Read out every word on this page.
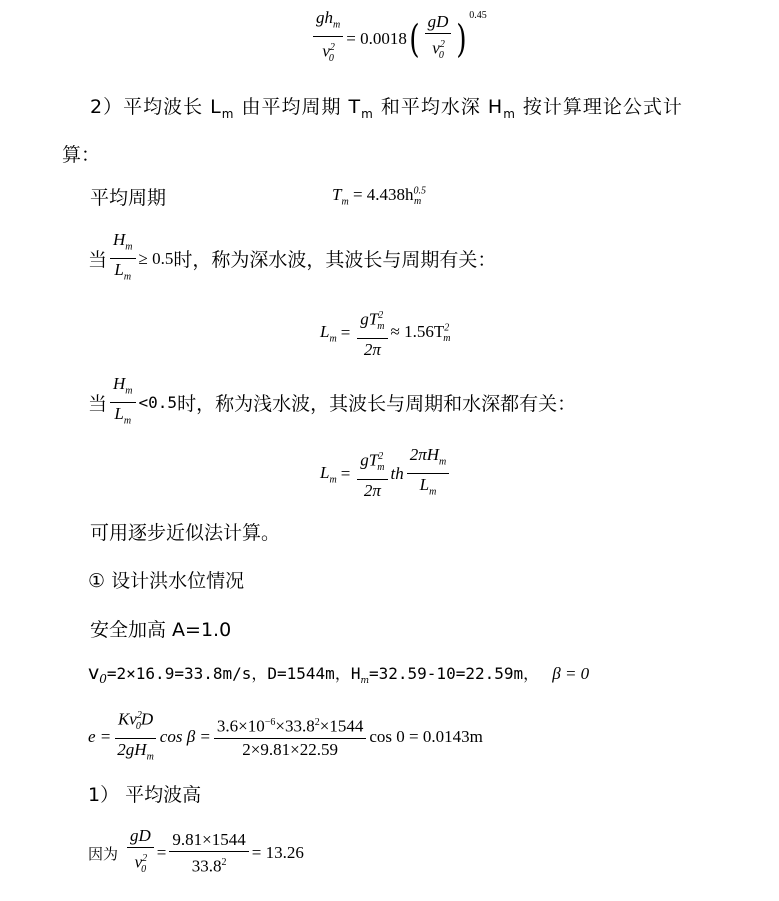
$\frac{gh_m}{v^2_0} = 0.0018$ ( $\frac{gD}{v^2_0}$ )
$^{0.45}$
2）平均波长 $L_m$ 由平均周期 $T_m$ 和平均水深 $H_m$ 按计算理论公式计
算：
平均周期	$T_m = 4.438h^{0.5}_m$
当 $\frac{H_m}{L_m} \ge 0.5$ 时，称为深水波，其波长与周期有关：
$L_m = \frac{gT^2_m}{2\pi} \approx 1.56T^2_m$
当 $\frac{H_m}{L_m} <0.5$ 时，称为浅水波，其波长与周期和水深都有关：
$L_m = \frac{gT^2_m}{2\pi}$ th $\frac{2\pi H_m}{L_m}$
可用逐步近似法计算。
① 设计洪水位情况
安全加高 A=1.0
$v_0=2\times 16.9=33.8m/s$，D=1544m，$H_m=32.59-10=22.59m$， β = 0
$e = \frac{Kv^2_0D}{2gH_m}$ $\cos \beta = \frac{3.6\times 10^{-6}\times 33.8^2\times 1544}{2\times 9.81\times 22.59}$ cos 0 = 0.0143m
1） 平均波高
因为 $\frac{gD}{v^2_0} = \frac{9.81\times 1544}{33.8^2} = 13.26$
